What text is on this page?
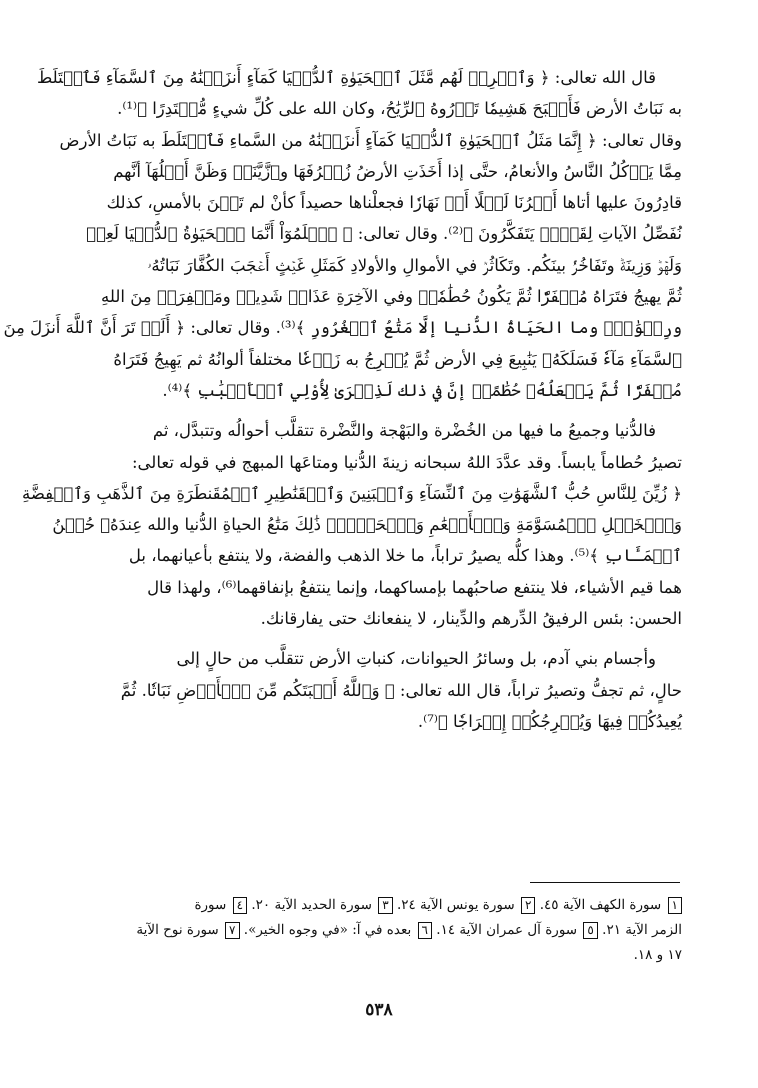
قال الله تعالى: ﴿ وَٱضۡرِبۡ لَهُم مَّثَلَ ٱلۡحَيَوٰةِ ٱلدُّنۡيَا كَمَآءٍ أَنزَلۡنَٰهُ مِنَ ٱلسَّمَآءِ فَٱخۡتَلَطَ
به نَبَاتُ الأرض فَأَصۡبَحَ هَشِيمٗا تَذۡرُوهُ ٱلرِّيَٰحُ، وكان الله على كُلِّ شيءٍ مُّقۡتَدِرًا ﴾⁽¹⁾.
وقال تعالى: ﴿ إِنَّمَا مَثَلُ ٱلۡحَيَوٰةِ ٱلدُّنۡيَا كَمَآءٍ أَنزَلۡنَٰهُ من السَّماءِ فَٱخۡتَلَطَ به نَبَاتُ الأرض
مِمَّا يَأۡكُلُ النَّاسُ والأنعامُ، حتَّى إذا أَخَذَتِ الأرضُ زُخۡرُفَهَا وٱزَّيَّنَتۡ وَظَنَّ أَهۡلُهَآ أنَّهم
قادِرُونَ عليها أتاها أَمۡرُنَا لَيۡلًا أَوۡ نَهَارٗا فجعلْناها حصيداً كأنْ لم تَغۡنَ بالأمسِ، كذلك
نُفَصِّلُ الآياتِ لِقَوۡمٖ يَتَفَكَّرُونَ ﴾⁽²⁾. وقال تعالى: ﴿ ٱعۡلَمُوٓاْ أَنَّمَا ٱلۡحَيَوٰةُ ٱلدُّنۡيَا لَعِبٞ
وَلَهۡوٞ وَزِينَةٞ وتَفَاخُرُۢ بينَكُم. وتَكَاثُرٞ في الأموالِ والأولادِ كَمَثَلِ غَيۡثٍ أَعۡجَبَ الكُفَّارَ نَبَاتُهُۥ
ثُمَّ يهيجُ فتَرَاهُ مُصۡفَرّٗا ثُمَّ يَكُونُ حُطَٰمٗاۖ وفي الآخِرَةِ عَذَابٞ شَدِيدٞ ومَغۡفِرَةٞ مِنَ اللهِ
ورِضۡوَٰنٞۚ وما الحَيَاةُ الدُّنيا إلَّا مَتَٰعُ ٱلۡغُرُورِ ﴾⁽³⁾. وقال تعالى: ﴿ أَلَمۡ تَرَ أَنَّ ٱللَّهَ أَنزَلَ مِنَ
ٱلسَّمَآءِ مَآءٗ فَسَلَكَهُۥ يَنَٰبِيعَ فِي الأرض ثُمَّ يُخۡرِجُ به زَرۡعٗا مختلفاً ألوانُهُ ثم يَهِيجُ فَتَرَاهُ
مُصۡفَرّٗا ثُمَّ يَجۡعَلُهُۥ حُطَٰمًاۚ إنَّ في ذلك لَذِكۡرَىٰ لِأُوْلِي ٱلۡأَلۡبَٰبِ ﴾⁽⁴⁾.

فالدُّنيا وجميعُ ما فيها من الخُضْرة والبَهْجة والنَّضْرة تتقلَّب أحوالُه وتتبدَّل، ثم
تصيرُ حُطاماً يابساً. وقد عدَّدَ اللهُ سبحانه زينةَ الدُّنيا ومتاعَها المبهج في قوله تعالى:
﴿ زُيِّنَ لِلنَّاسِ حُبُّ ٱلشَّهَوَٰتِ مِنَ ٱلنِّسَآءِ وَٱلۡبَنِينَ وَٱلۡقَنَٰطِيرِ ٱلۡمُقَنطَرَةِ مِنَ ٱلذَّهَبِ وَٱلۡفِضَّةِ
وَٱلۡخَيۡلِ ٱلۡمُسَوَّمَةِ وَٱلۡأَنۡعَٰمِ وَٱلۡحَرۡثِۗ ذَٰلِكَ مَتَٰعُ الحياةِ الدُّنيا والله عِندَهُۥ حُسۡنُ
ٱلۡمَـَٔابِ ﴾⁽⁵⁾. وهذا كلُّه يصيرُ تراباً، ما خلا الذهب والفضة، ولا ينتفع بأعيانهما، بل
هما قيم الأشياء، فلا ينتفع صاحبُهما بإمساكهما، وإنما ينتفعُ بإنفاقهما⁽⁶⁾، ولهذا قال
الحسن: بئس الرفيقُ الدِّرهم والدِّينار، لا ينفعانك حتى يفارقانك.

وأجسام بني آدم، بل وسائرُ الحيوانات، كنباتِ الأرض تتقلَّب من حالٍ إلى
حالٍ، ثم تجفُّ وتصيرُ تراباً، قال الله تعالى: ﴿ وَٱللَّهُ أَنۢبَتَكُم مِّنَ ٱلۡأَرۡضِ نَبَاتٗا. ثُمَّ
يُعِيدُكُمۡ فِيهَا وَيُخۡرِجُكُمۡ إِخۡرَاجٗا ﴾⁽⁷⁾.

١ سورة الكهف الآية ٤٥. ٢ سورة يونس الآية ٢٤. ٣ سورة الحديد الآية ٢٠. ٤ سورة
الزمر الآية ٢١. ٥ سورة آل عمران الآية ١٤. ٦ بعده في آ: «في وجوه الخير». ٧ سورة نوح الآية
١٧ و ١٨.
٥٣٨
